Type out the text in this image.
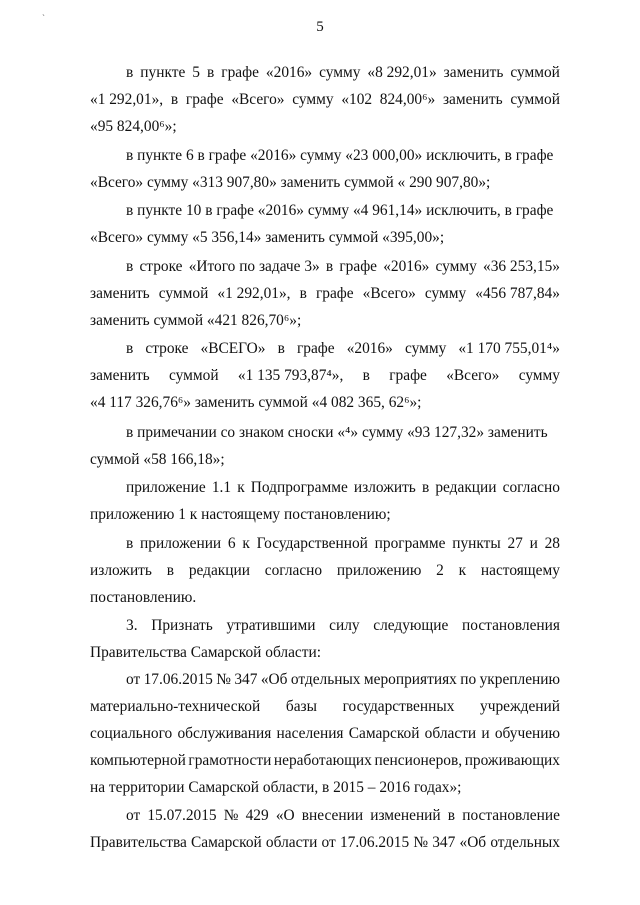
`
5
в пункте 5 в графе «2016» сумму «8 292,01» заменить суммой
«1 292,01», в графе «Всего» сумму «102  824,00⁶» заменить суммой
«95 824,00⁶»;
в пункте 6 в графе «2016» сумму «23 000,00» исключить, в графе
«Всего» сумму «313 907,80» заменить суммой « 290 907,80»;
в пункте 10 в графе «2016» сумму «4 961,14» исключить, в графе
«Всего» сумму «5 356,14» заменить суммой «395,00»;
в строке «Итого по задаче 3» в графе «2016» сумму «36 253,15»
заменить суммой «1 292,01», в графе «Всего» сумму «456 787,84»
заменить суммой «421 826,70⁶»;
в строке «ВСЕГО» в графе «2016» сумму «1 170 755,01⁴»
заменить суммой «1 135 793,87⁴», в графе «Всего» сумму
«4 117 326,76⁶» заменить суммой «4 082 365, 62⁶»;
в примечании со знаком сноски «⁴» сумму «93 127,32» заменить
суммой «58 166,18»;
приложение 1.1 к Подпрограмме изложить в редакции согласно
приложению 1 к настоящему постановлению;
в приложении 6 к Государственной программе пункты 27 и 28
изложить в редакции согласно приложению 2 к настоящему
постановлению.
3. Признать утратившими силу следующие постановления
Правительства Самарской области:
от 17.06.2015 № 347 «Об отдельных мероприятиях по укреплению
материально-технической базы государственных учреждений
социального обслуживания населения Самарской области и обучению
компьютерной грамотности неработающих пенсионеров, проживающих
на территории Самарской области, в 2015 – 2016 годах»;
от 15.07.2015 № 429 «О внесении изменений в постановление
Правительства Самарской области от 17.06.2015 № 347 «Об отдельных
